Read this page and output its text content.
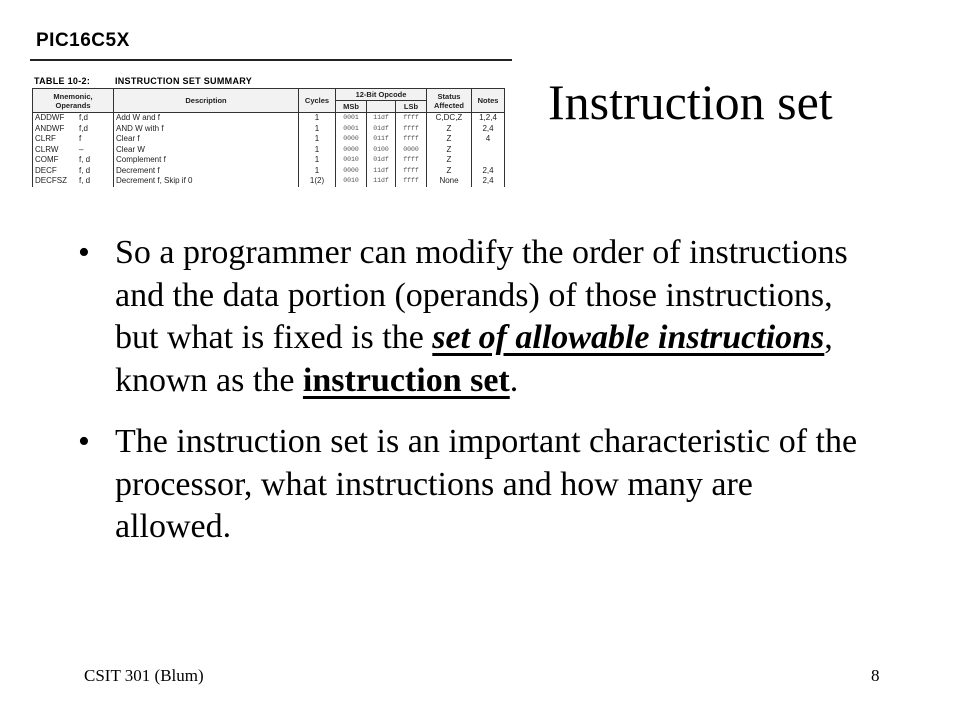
PIC16C5X
TABLE 10-2:	INSTRUCTION SET SUMMARY
Mnemonic, Operands	Description	Cycles	12-Bit Opcode			Status Affected	Notes
			MSb		LSb		
ADDWF f,d	Add W and f	1	0001	11df	ffff	C,DC,Z	1,2,4
ANDWF f,d	AND W with f	1	0001	01df	ffff	Z	2,4
CLRF f	Clear f	1	0000	011f	ffff	Z	4
CLRW –	Clear W	1	0000	0100	0000	Z	
COMF f, d	Complement f	1	0010	01df	ffff	Z	
DECF f, d	Decrement f	1	0000	11df	ffff	Z	2,4
DECFSZ f, d	Decrement f, Skip if 0	1(2)	0010	11df	ffff	None	2,4
Instruction set
• So a programmer can modify the order of instructions and the data portion (operands) of those instructions, but what is fixed is the set of allowable instructions, known as the instruction set.
• The instruction set is an important characteristic of the processor, what instructions and how many are allowed.
CSIT 301 (Blum)	8
